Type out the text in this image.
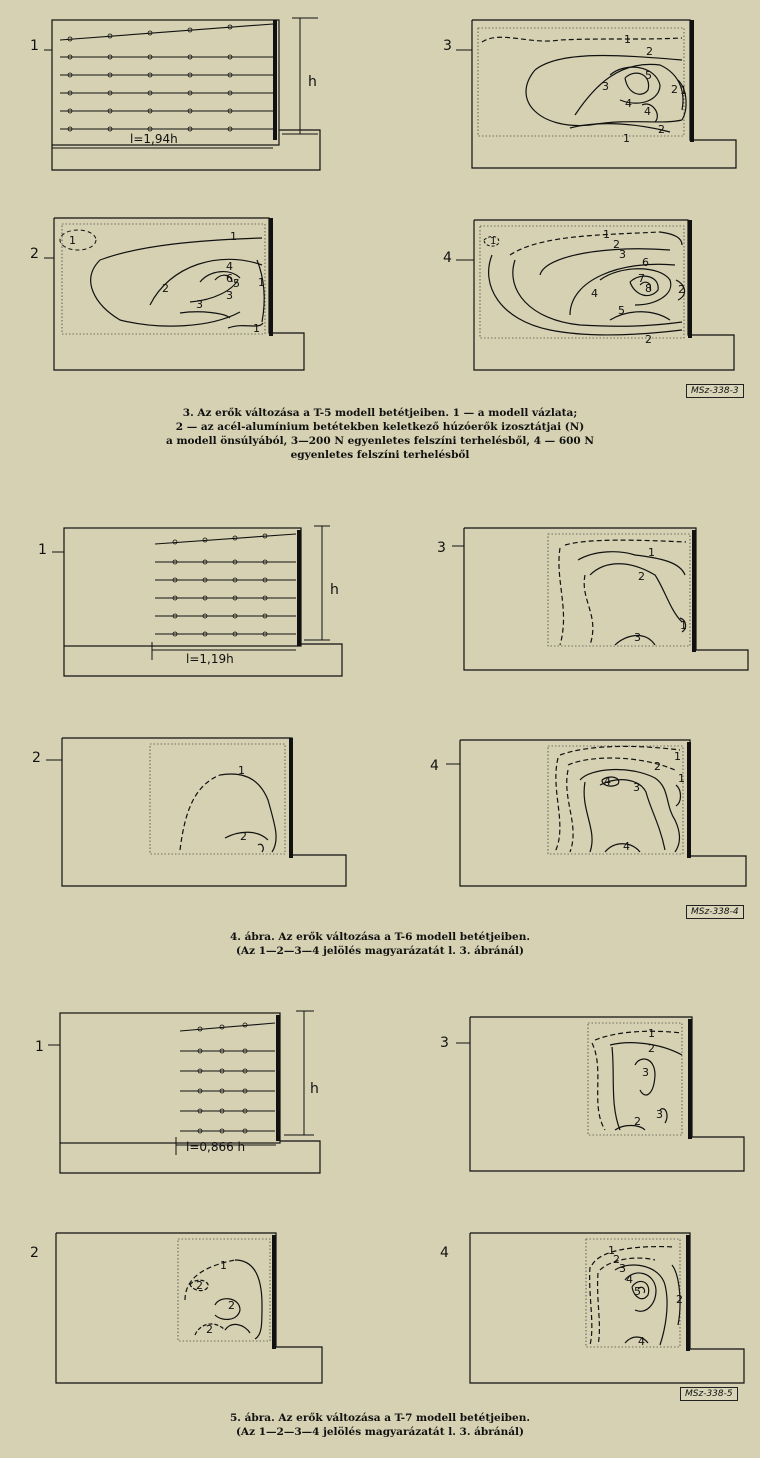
1
h
l=1,94h
2
1	1
2
3
4
5
3
6 1
1
3	1
2
3
5
4
4
2 1
1
2
4
1
1
2
3
6
7
8
4
5
2
2
MSz-338-3
3. Az erők változása a T-5 modell betétjeiben. 1 — a modell vázlata;
2 — az acél-alumínium betétekben keletkező húzóerők izosztátjai (N)
a modell önsúlyából, 3—200 N egyenletes felszíni terhelésből, 4 — 600 N
egyenletes felszíni terhelésből
1
h
l=1,19h
2
1
2
3	1
2
3
1
4
4 3
2
1
1
4
MSz-338-4
4. ábra. Az erők változása a T-6 modell betétjeiben.
(Az 1—2—3—4 jelölés magyarázatát l. 3. ábránál)
1
h
l=0,866 h
2
1
2
2
2
3
1
2
3
2
3
4	1
2
3
4
5
4
2
MSz-338-5
5. ábra. Az erők változása a T-7 modell betétjeiben.
(Az 1—2—3—4 jelölés magyarázatát l. 3. ábránál)
